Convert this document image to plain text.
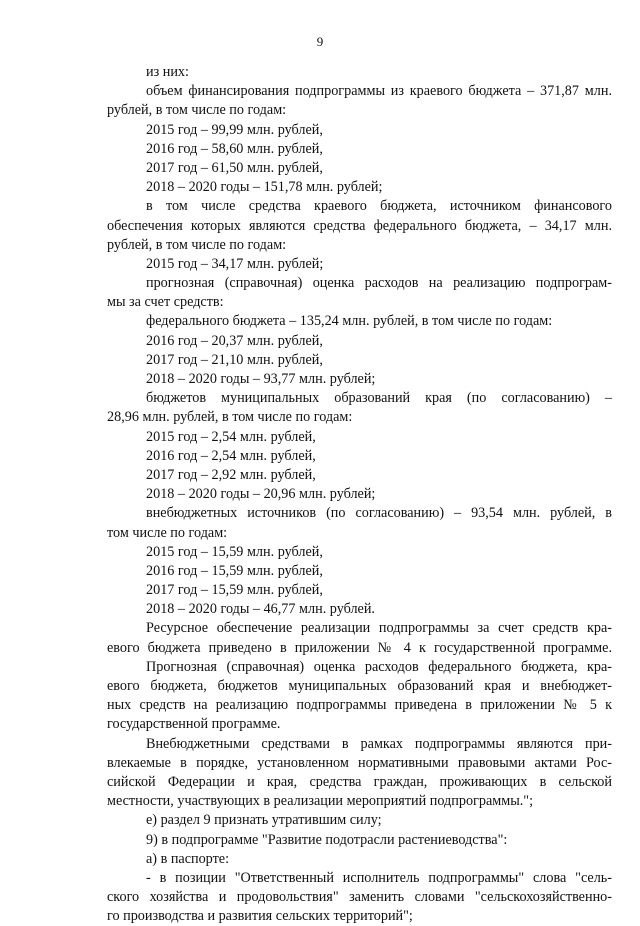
9
из них:
объем финансирования подпрограммы из краевого бюджета – 371,87 млн.
рублей, в том числе по годам:
2015 год – 99,99 млн. рублей,
2016 год – 58,60 млн. рублей,
2017 год – 61,50 млн. рублей,
2018 – 2020 годы – 151,78 млн. рублей;
в том числе средства краевого бюджета, источником финансового
обеспечения которых являются средства федерального бюджета, – 34,17 млн.
рублей, в том числе по годам:
2015 год – 34,17 млн. рублей;
прогнозная (справочная) оценка расходов на реализацию подпрограм-
мы за счет средств:
федерального бюджета – 135,24 млн. рублей, в том числе по годам:
2016 год – 20,37 млн. рублей,
2017 год – 21,10 млн. рублей,
2018 – 2020 годы – 93,77 млн. рублей;
бюджетов муниципальных образований края (по согласованию) –
28,96 млн. рублей, в том числе по годам:
2015 год – 2,54 млн. рублей,
2016 год – 2,54 млн. рублей,
2017 год – 2,92 млн. рублей,
2018 – 2020 годы – 20,96 млн. рублей;
внебюджетных источников (по согласованию) – 93,54 млн. рублей, в
том числе по годам:
2015 год – 15,59 млн. рублей,
2016 год – 15,59 млн. рублей,
2017 год – 15,59 млн. рублей,
2018 – 2020 годы – 46,77 млн. рублей.
Ресурсное обеспечение реализации подпрограммы за счет средств кра-
евого бюджета приведено в приложении № 4 к государственной программе.
Прогнозная (справочная) оценка расходов федерального бюджета, кра-
евого бюджета, бюджетов муниципальных образований края и внебюджет-
ных средств на реализацию подпрограммы приведена в приложении № 5 к
государственной программе.
Внебюджетными средствами в рамках подпрограммы являются при-
влекаемые в порядке, установленном нормативными правовыми актами Рос-
сийской Федерации и края, средства граждан, проживающих в сельской
местности, участвующих в реализации мероприятий подпрограммы.";
е) раздел 9 признать утратившим силу;
9) в подпрограмме "Развитие подотрасли растениеводства":
а) в паспорте:
- в позиции "Ответственный исполнитель подпрограммы" слова "сель-
ского хозяйства и продовольствия" заменить словами "сельскохозяйственно-
го производства и развития сельских территорий";
